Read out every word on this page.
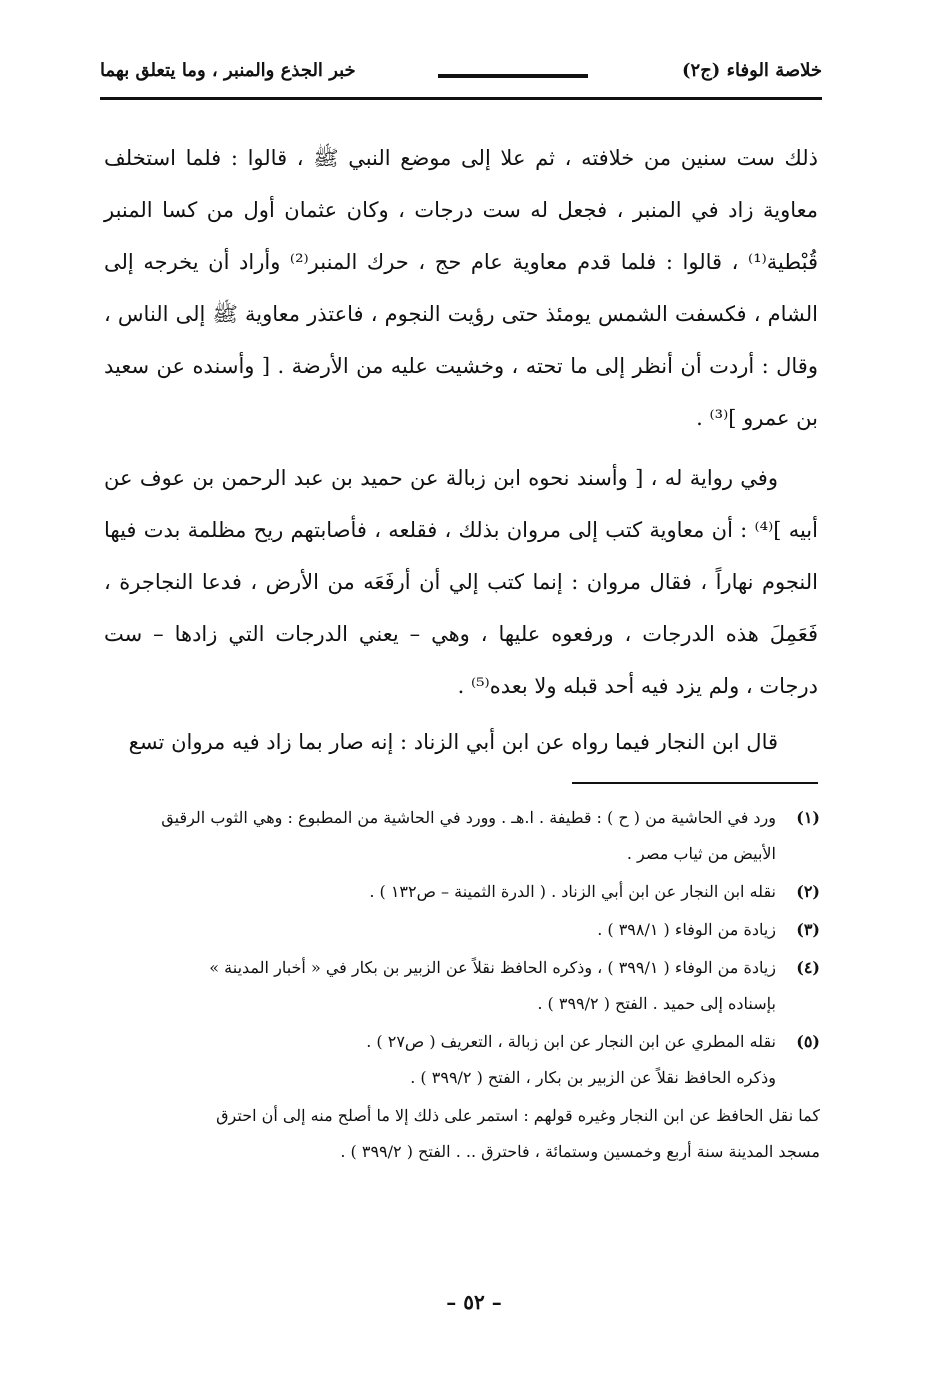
خلاصة الوفاء (ج٢)
خبر الجذع والمنبر ، وما يتعلق بهما

ذلك ست سنين من خلافته ، ثم علا إلى موضع النبي ﷺ ، قالوا : فلما استخلف معاوية زاد في المنبر ، فجعل له ست درجات ، وكان عثمان أول من كسا المنبر قُبْطية⁽¹⁾ ، قالوا : فلما قدم معاوية عام حج ، حرك المنبر⁽²⁾ وأراد أن يخرجه إلى الشام ، فكسفت الشمس يومئذ حتى رؤيت النجوم ، فاعتذر معاوية ﷺ إلى الناس ، وقال : أردت أن أنظر إلى ما تحته ، وخشيت عليه من الأرضة . [ وأسنده عن سعيد بن عمرو ]⁽³⁾ .

وفي رواية له ، [ وأسند نحوه ابن زبالة عن حميد بن عبد الرحمن بن عوف عن أبيه ]⁽⁴⁾ : أن معاوية كتب إلى مروان بذلك ، فقلعه ، فأصابتهم ريح مظلمة بدت فيها النجوم نهاراً ، فقال مروان : إنما كتب إلي أن أرفَعَه من الأرض ، فدعا النجاجرة ، فَعَمِلَ هذه الدرجات ، ورفعوه عليها ، وهي – يعني الدرجات التي زادها – ست درجات ، ولم يزد فيه أحد قبله ولا بعده⁽⁵⁾ .

قال ابن النجار فيما رواه عن ابن أبي الزناد : إنه صار بما زاد فيه مروان تسع

(١)
ورد في الحاشية من ( ح ) : قطيفة . ا.هـ . وورد في الحاشية من المطبوع : وهي الثوب الرقيق
الأبيض من ثياب مصر .
(٢)
نقله ابن النجار عن ابن أبي الزناد . ( الدرة الثمينة – ص١٣٢ ) .
(٣)
زيادة من الوفاء ( ٣٩٨/١ ) .
(٤)
زيادة من الوفاء ( ٣٩٩/١ ) ، وذكره الحافظ نقلاً عن الزبير بن بكار في « أخبار المدينة »
بإسناده إلى حميد . الفتح ( ٣٩٩/٢ ) .
(٥)
نقله المطري عن ابن النجار عن ابن زبالة ، التعريف ( ص٢٧ ) .
وذكره الحافظ نقلاً عن الزبير بن بكار ، الفتح ( ٣٩٩/٢ ) .
كما نقل الحافظ عن ابن النجار وغيره قولهم : استمر على ذلك إلا ما أصلح منه إلى أن احترق
مسجد المدينة سنة أربع وخمسين وستمائة ، فاحترق .. . الفتح ( ٣٩٩/٢ ) .
– ٥٢ –
